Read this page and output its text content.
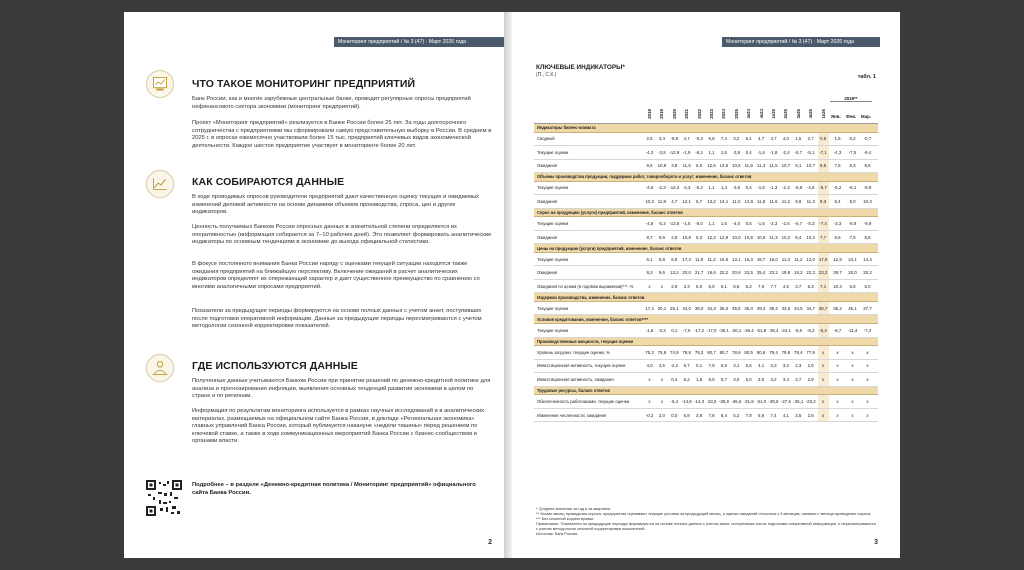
Мониторинг предприятий / № 3 (47) · Март 2026 года
ЧТО ТАКОЕ МОНИТОРИНГ ПРЕДПРИЯТИЙ
Банк России, как и многие зарубежные центральные банки, проводит регулярные опросы предприятий нефинансового сектора экономики (мониторинг предприятий).
Проект «Мониторинг предприятий» реализуется в Банке России более 25 лет. За годы долгосрочного сотрудничества с предприятиями мы сформировали самую представительную выборку в России. В среднем в 2025 г. в опросах ежемесячно участвовали более 15 тыс. предприятий ключевых видов экономической деятельности. Каждое шестое предприятие участвует в мониторинге более 20 лет.
КАК СОБИРАЮТСЯ ДАННЫЕ
В ходе проводимых опросов руководители предприятий дают качественную оценку текущих и ожидаемых изменений деловой активности на основе динамики объемов производства, спроса, цен и других индикаторов.
Ценность получаемых Банком России опросных данных в значительной степени определяется их оперативностью (информация собирается за 7–10 рабочих дней). Это позволяет формировать аналитические индикаторы по основным тенденциям в экономике до выхода официальной статистики.
В фокусе постоянного внимания Банка России наряду с оценками текущей ситуации находятся также ожидания предприятий на ближайшую перспективу. Включение ожиданий в расчет аналитических индикаторов определяет их опережающий характер и дает существенное преимущество по сравнению со многими аналогичными опросами предприятий.
Показатели за предыдущие периоды формируются на основе полных данных с учетом анкет, поступивших после подготовки оперативной информации. Данные за предыдущие периоды пересматриваются с учетом методологии сезонной корректировки показателей.
ГДЕ ИСПОЛЬЗУЮТСЯ ДАННЫЕ
Полученные данные учитываются Банком России при принятии решений по денежно-кредитной политике для анализа и прогнозирования инфляции, выявления основных тенденций развития экономики в целом по стране и по регионам.
Информация по результатам мониторинга используется в рамках научных исследований и в аналитических материалах, размещаемых на официальном сайте Банка России, в докладе «Региональная экономика» главных управлений Банка России, который публикуется накануне «недели тишины» перед решением по ключевой ставке, а также в ходе коммуникационных мероприятий Банка России с бизнес-сообществом и органами власти.
Подробнее – в разделе «Денежно-кредитная политика / Мониторинг предприятий» официального сайта Банка России.
2
Мониторинг предприятий / № 3 (47) · Март 2026 года
КЛЮЧЕВЫЕ ИНДИКАТОРЫ*
(П., С.К.)	табл. 1
2026**
2018 2019 2020 2021 2022 2023 2024 2025 3к24 4к24 1к25 2к25 3к25 4к25 1к26 Янв. Фев. Мар.
Индикаторы бизнес-климата
Сводный	2,5	3,4	-8,8	4,7	-0,3	6,8	7,4	3,2	6,1	4,7	4,7	4,0	1,5	2,7	0,5	1,5	0,2	-0,7
Текущие оценки	-4,2	-3,8 -12,9 -1,9	-6,1	1,1	1,5	-3,8	0,4	-1,6	-1,8	-2,4	-5,7	-5,1	-7,1	-4,3	-7,5	-9,4
Ожидания	9,5	10,9	3,8	11,5	6,0	12,6 13,5 10,5 11,9 11,3 11,5 10,7	9,1	10,7	8,5	7,5	8,3	9,6
Объемы производства продукции, поддержки работ, товарооборота и услуг; изменение, баланс ответов
Текущие оценки	-3,6	-2,3 -12,2 -2,3	-6,2	1,1	1,4	-3,6	0,4	-1,6	-1,3	-2,3	-5,8	-4,6	-6,7	-5,2	-6,1	-8,9
Ожидания	10,3 11,8	4,7	12,1	6,7	13,2 14,1 11,0 12,8 11,8 11,6 11,2	9,8	11,3	9,3	8,4	9,0	10,3
Спрос на продукцию (услуги) предприятий, изменение, баланс ответов
Текущие оценки	-4,8	-5,3 -13,6 -1,5	-6,0	1,1	1,6	-4,0	0,5	-1,6	-2,3	-2,6	-6,7	-5,3	-7,4	-3,3	-8,9	-9,9
Ожидания	8,7	9,9	2,9	10,8	5,3	12,2 12,9 10,0 10,9 10,9 11,3 10,2	8,4	10,2	7,7	6,6	7,5	8,8
Цены на продукцию (услуги) предприятий, изменение, баланс ответов
Текущие оценки	6,1	6,8	6,9	17,4 11,9 11,3 16,6 13,1 16,3 19,7 19,0 11,3 11,2 12,0 17,9 12,9 24,1 14,4
Ожидания	9,3	9,6	13,2 20,0 21,7 19,6 22,2 20,6 22,5 25,4 23,2 18,8 18,2 22,3 23,3 29,7 20,0 20,2
Ожидания по ценам (в годовом выражении)***, %	x	x	2,9	3,3	6,0	5,0	6,1	5,5	5,2	7,9	7,7	4,5	3,7	6,3	7,1	10,4	5,8	5,0
Издержки производства, изменение, баланс ответов
Текущие оценки	17,4 20,1 25,1 34,0 39,0 34,3 35,0 35,5 35,0 39,4 39,2 33,6 34,5 34,7 39,7 36,2 45,1 37,7
Условия кредитования, изменение, баланс ответов****
Текущие оценки	-1,6	-3,3	0,1	-7,5 -17,2 -17,0 -35,1 -20,1 -36,4 -51,8 -39,4 -24,1 -8,6	-8,2	-5,3	-8,7	-11,4	-7,2
Производственные мощности, текущие оценки
Уровень загрузки, текущие оценки, %	75,3 75,8 74,9 78,8 79,3 80,7 80,7 78,6 80,5 80,8 79,4 78,8 78,4 77,9	x	x	x	x
Инвестиционная активность, текущие оценки	4,0	4,5	-2,2	6,7	0,1	7,9	6,6	3,1	5,6	4,1	3,3	3,2	2,3	2,6	x	x	x	x
Инвестиционная активность, ожидания	x	x	0,4	6,2	1,8	6,0	5,7	3,0	5,0	3,0	3,2	3,3	3,7	2,9	x	x	x	x
Трудовые ресурсы, баланс ответов
Обеспеченность работниками, текущие оценки	x	x	-6,4 -14,8 -14,3 -23,5 -30,8 -26,6 -31,9 -31,0 -30,5 -27,5 -25,1 -23,2	x	x	x	x
Изменение численности, ожидания	-0,2	2,0	0,0	6,8	3,8	7,8	8,4	5,2	7,8	6,6	7,4	4,1	3,5	2,8	x	x	x	x
* Среднее значение за год и за кварталы.
** Указан месяц проведения опроса, предприятия оценивают текущие условия за предыдущий месяц, а оценки ожиданий относятся к 3 месяцам, начиная с месяца проведения опроса.
*** Без сезонной корректировки.
Примечание. Показатели за предыдущие периоды формируются на основе полных данных с учетом анкет, поступивших после подготовки оперативной информации, и пересматриваются с учетом методологии сезонной корректировки показателей.
Источник: Банк России.
3
